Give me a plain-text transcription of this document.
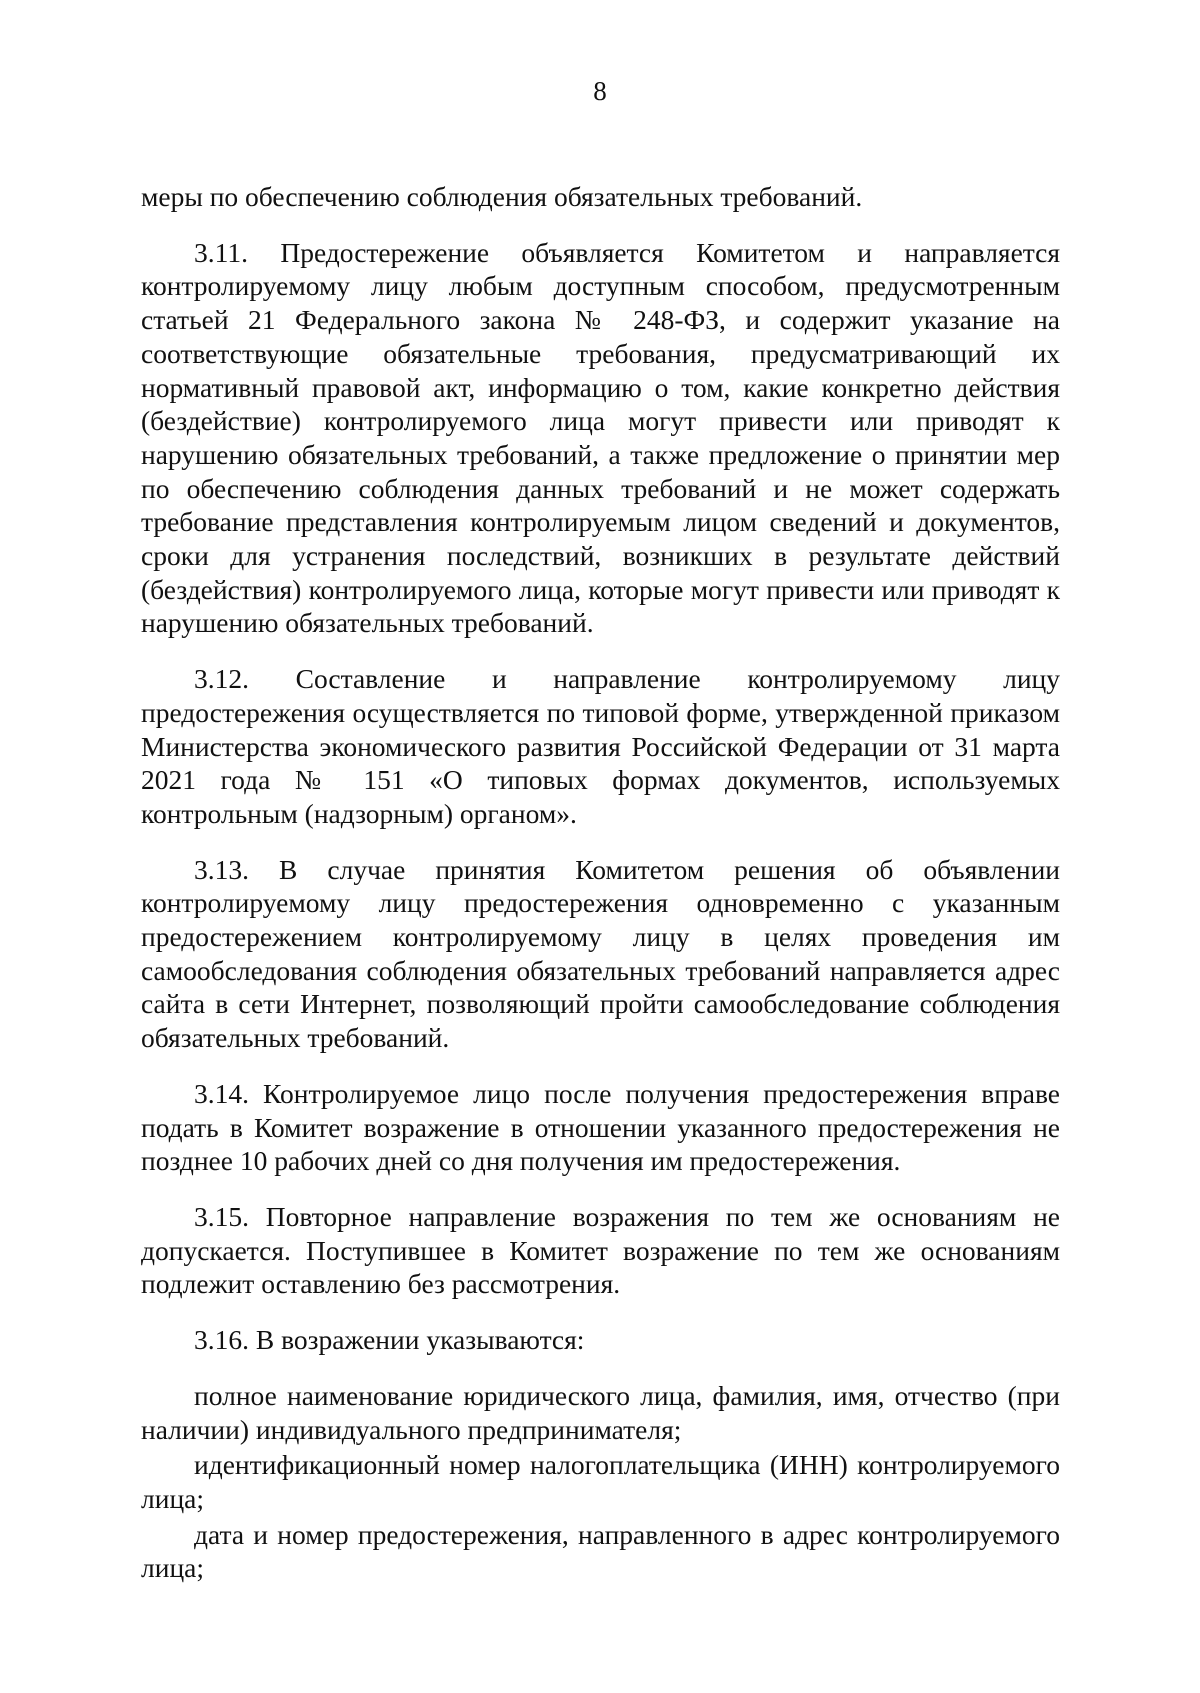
8

меры по обеспечению соблюдения обязательных требований.

3.11. Предостережение объявляется Комитетом и направляется контролируемому лицу любым доступным способом, предусмотренным статьей 21 Федерального закона № 248-ФЗ, и содержит указание на соответствующие обязательные требования, предусматривающий их нормативный правовой акт, информацию о том, какие конкретно действия (бездействие) контролируемого лица могут привести или приводят к нарушению обязательных требований, а также предложение о принятии мер по обеспечению соблюдения данных требований и не может содержать требование представления контролируемым лицом сведений и документов, сроки для устранения последствий, возникших в результате действий (бездействия) контролируемого лица, которые могут привести или приводят к нарушению обязательных требований.

3.12. Составление и направление контролируемому лицу предостережения осуществляется по типовой форме, утвержденной приказом Министерства экономического развития Российской Федерации от 31 марта 2021 года № 151 «О типовых формах документов, используемых контрольным (надзорным) органом».

3.13. В случае принятия Комитетом решения об объявлении контролируемому лицу предостережения одновременно с указанным предостережением контролируемому лицу в целях проведения им самообследования соблюдения обязательных требований направляется адрес сайта в сети Интернет, позволяющий пройти самообследование соблюдения обязательных требований.

3.14. Контролируемое лицо после получения предостережения вправе подать в Комитет возражение в отношении указанного предостережения не позднее 10 рабочих дней со дня получения им предостережения.

3.15. Повторное направление возражения по тем же основаниям не допускается. Поступившее в Комитет возражение по тем же основаниям подлежит оставлению без рассмотрения.

3.16. В возражении указываются:

полное наименование юридического лица, фамилия, имя, отчество (при наличии) индивидуального предпринимателя;

идентификационный номер налогоплательщика (ИНН) контролируемого лица;

дата и номер предостережения, направленного в адрес контролируемого лица;
